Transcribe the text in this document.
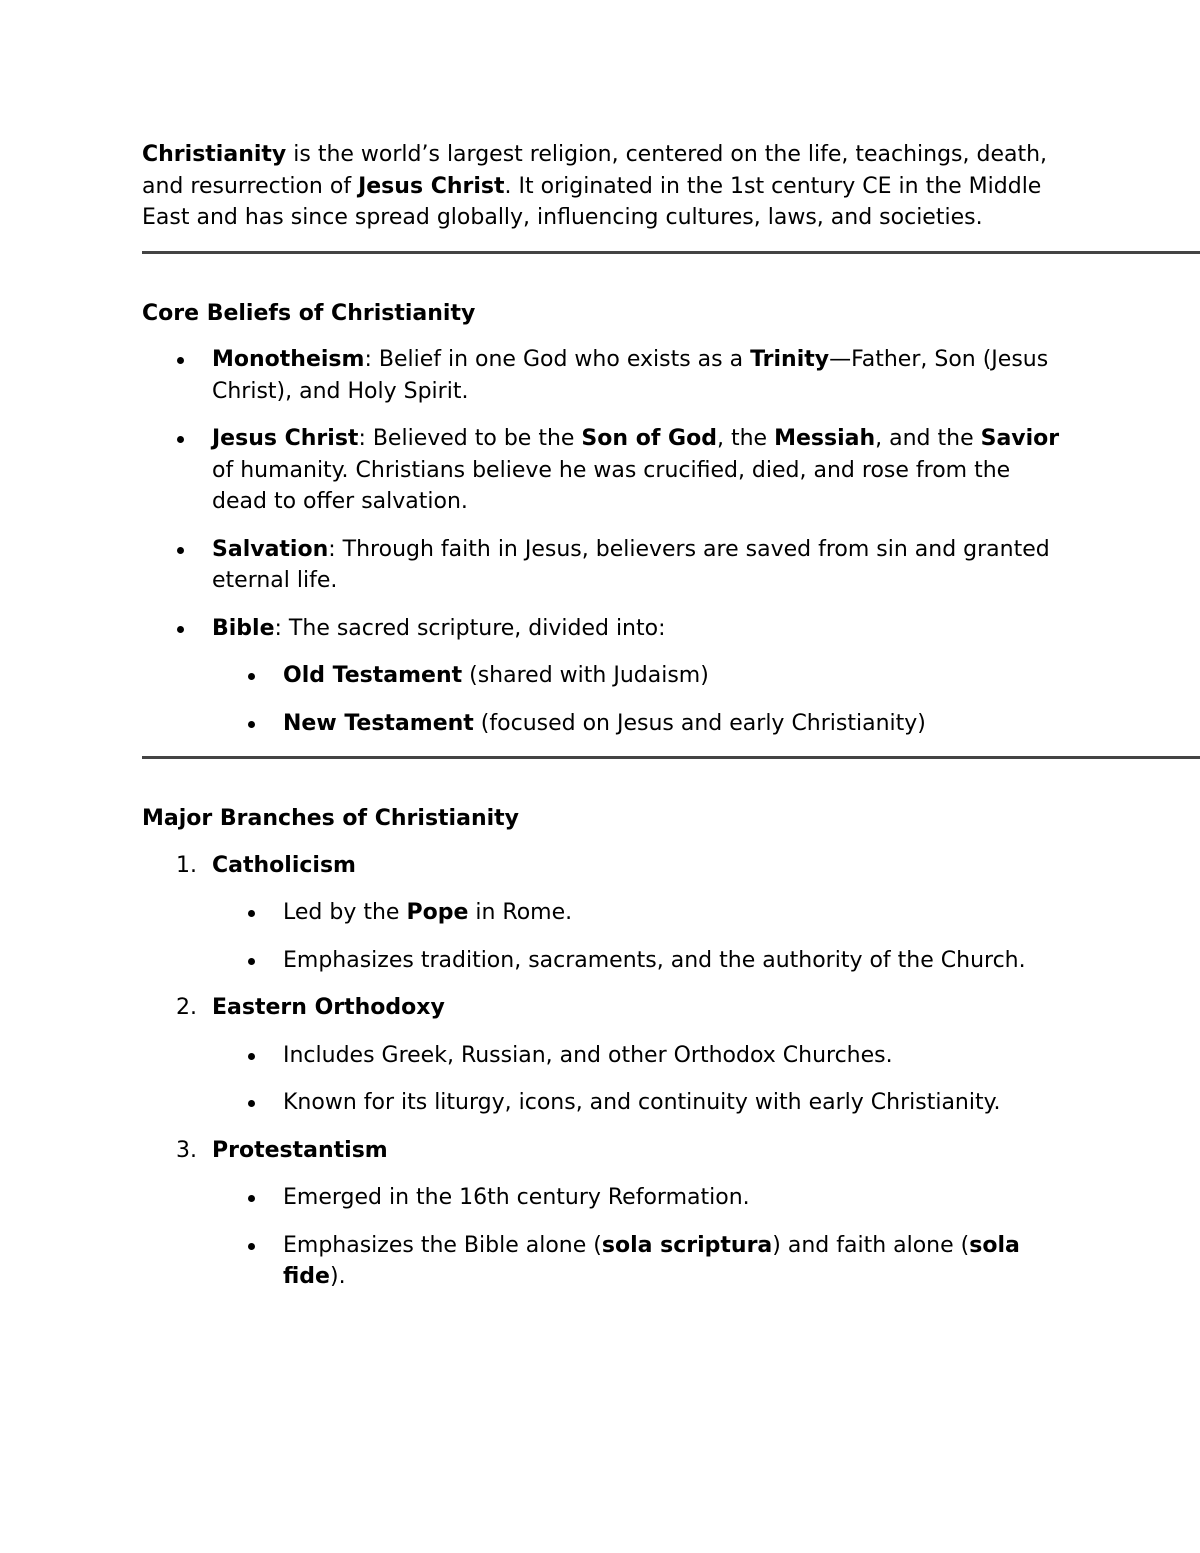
Christianity is the world’s largest religion, centered on the life, teachings, death, and resurrection of Jesus Christ. It originated in the 1st century CE in the Middle East and has since spread globally, influencing cultures, laws, and societies.

Core Beliefs of Christianity

Monotheism: Belief in one God who exists as a Trinity—Father, Son (Jesus Christ), and Holy Spirit.
Jesus Christ: Believed to be the Son of God, the Messiah, and the Savior of humanity. Christians believe he was crucified, died, and rose from the dead to offer salvation.
Salvation: Through faith in Jesus, believers are saved from sin and granted eternal life.
Bible: The sacred scripture, divided into:
Old Testament (shared with Judaism)
New Testament (focused on Jesus and early Christianity)

Major Branches of Christianity

1. Catholicism
Led by the Pope in Rome.
Emphasizes tradition, sacraments, and the authority of the Church.
2. Eastern Orthodoxy
Includes Greek, Russian, and other Orthodox Churches.
Known for its liturgy, icons, and continuity with early Christianity.
3. Protestantism
Emerged in the 16th century Reformation.
Emphasizes the Bible alone (sola scriptura) and faith alone (sola fide).
